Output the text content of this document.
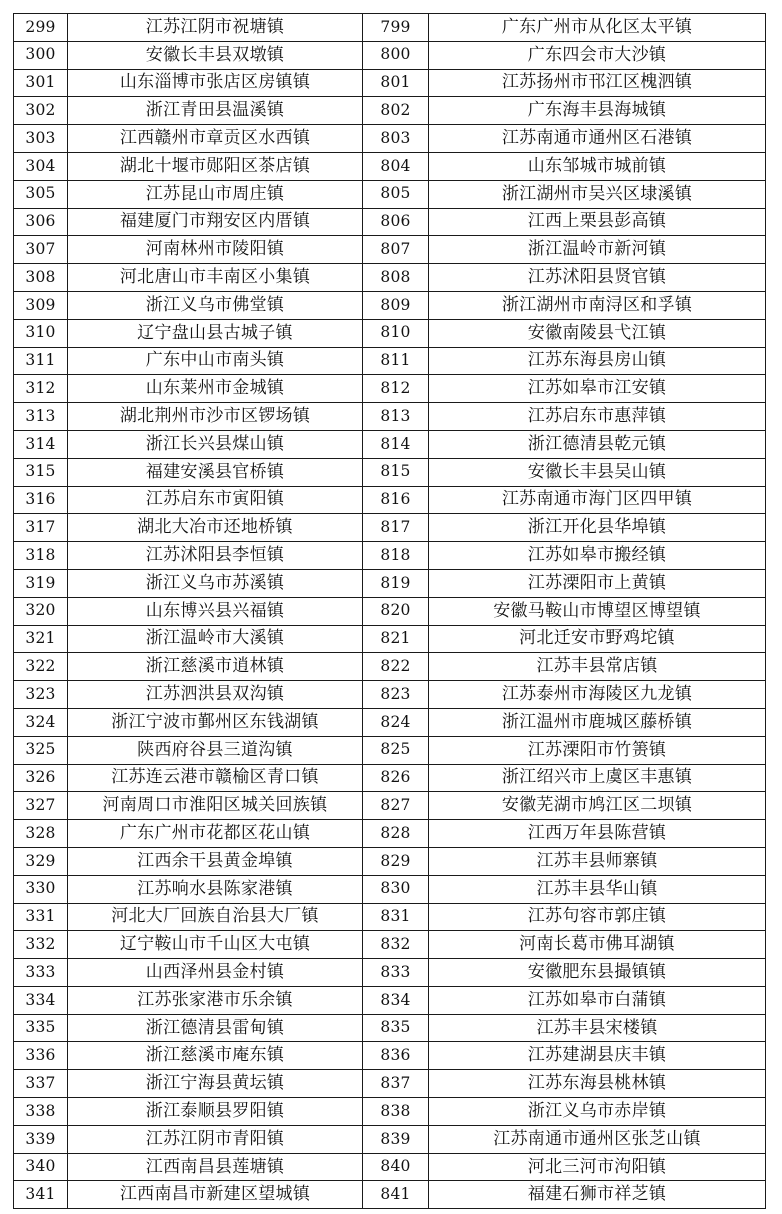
299	江苏江阴市祝塘镇	799	广东广州市从化区太平镇
300	安徽长丰县双墩镇	800	广东四会市大沙镇
301	山东淄博市张店区房镇镇	801	江苏扬州市邗江区槐泗镇
302	浙江青田县温溪镇	802	广东海丰县海城镇
303	江西赣州市章贡区水西镇	803	江苏南通市通州区石港镇
304	湖北十堰市郧阳区茶店镇	804	山东邹城市城前镇
305	江苏昆山市周庄镇	805	浙江湖州市吴兴区埭溪镇
306	福建厦门市翔安区内厝镇	806	江西上栗县彭高镇
307	河南林州市陵阳镇	807	浙江温岭市新河镇
308	河北唐山市丰南区小集镇	808	江苏沭阳县贤官镇
309	浙江义乌市佛堂镇	809	浙江湖州市南浔区和孚镇
310	辽宁盘山县古城子镇	810	安徽南陵县弋江镇
311	广东中山市南头镇	811	江苏东海县房山镇
312	山东莱州市金城镇	812	江苏如皋市江安镇
313	湖北荆州市沙市区锣场镇	813	江苏启东市惠萍镇
314	浙江长兴县煤山镇	814	浙江德清县乾元镇
315	福建安溪县官桥镇	815	安徽长丰县吴山镇
316	江苏启东市寅阳镇	816	江苏南通市海门区四甲镇
317	湖北大冶市还地桥镇	817	浙江开化县华埠镇
318	江苏沭阳县李恒镇	818	江苏如皋市搬经镇
319	浙江义乌市苏溪镇	819	江苏溧阳市上黄镇
320	山东博兴县兴福镇	820	安徽马鞍山市博望区博望镇
321	浙江温岭市大溪镇	821	河北迁安市野鸡坨镇
322	浙江慈溪市逍林镇	822	江苏丰县常店镇
323	江苏泗洪县双沟镇	823	江苏泰州市海陵区九龙镇
324	浙江宁波市鄞州区东钱湖镇	824	浙江温州市鹿城区藤桥镇
325	陕西府谷县三道沟镇	825	江苏溧阳市竹箦镇
326	江苏连云港市赣榆区青口镇	826	浙江绍兴市上虞区丰惠镇
327	河南周口市淮阳区城关回族镇	827	安徽芜湖市鸠江区二坝镇
328	广东广州市花都区花山镇	828	江西万年县陈营镇
329	江西余干县黄金埠镇	829	江苏丰县师寨镇
330	江苏响水县陈家港镇	830	江苏丰县华山镇
331	河北大厂回族自治县大厂镇	831	江苏句容市郭庄镇
332	辽宁鞍山市千山区大屯镇	832	河南长葛市佛耳湖镇
333	山西泽州县金村镇	833	安徽肥东县撮镇镇
334	江苏张家港市乐余镇	834	江苏如皋市白蒲镇
335	浙江德清县雷甸镇	835	江苏丰县宋楼镇
336	浙江慈溪市庵东镇	836	江苏建湖县庆丰镇
337	浙江宁海县黄坛镇	837	江苏东海县桃林镇
338	浙江泰顺县罗阳镇	838	浙江义乌市赤岸镇
339	江苏江阴市青阳镇	839	江苏南通市通州区张芝山镇
340	江西南昌县莲塘镇	840	河北三河市泃阳镇
341	江西南昌市新建区望城镇	841	福建石狮市祥芝镇
